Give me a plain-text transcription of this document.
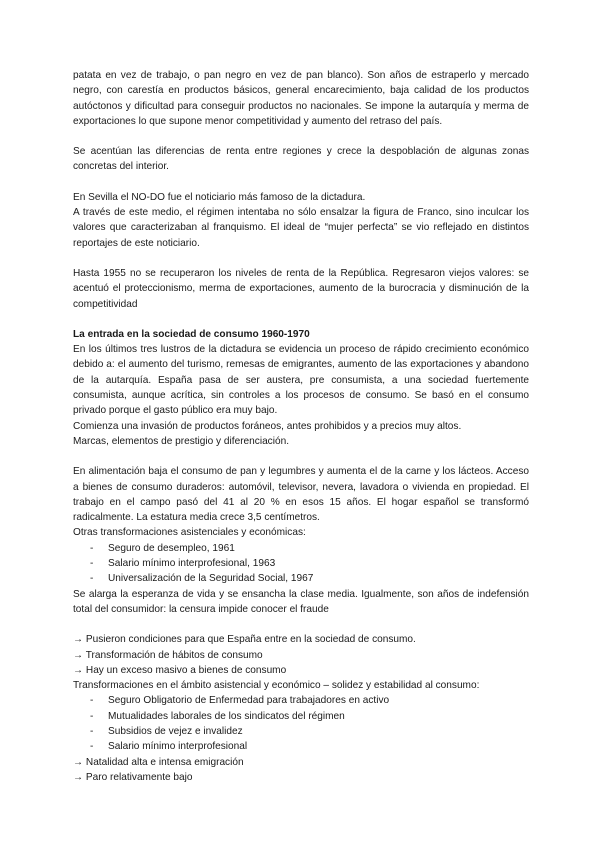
patata en vez de trabajo, o pan negro en vez de pan blanco). Son años de estraperlo y mercado negro, con carestía en productos básicos, general encarecimiento, baja calidad de los productos autóctonos y dificultad para conseguir productos no nacionales. Se impone la autarquía y merma de exportaciones lo que supone menor competitividad y aumento del retraso del país.

Se acentúan las diferencias de renta entre regiones y crece la despoblación de algunas zonas concretas del interior.

En Sevilla el NO-DO fue el noticiario más famoso de la dictadura.

A través de este medio, el régimen intentaba no sólo ensalzar la figura de Franco, sino inculcar los valores que caracterizaban al franquismo. El ideal de “mujer perfecta” se vio reflejado en distintos reportajes de este noticiario.

Hasta 1955 no se recuperaron los niveles de renta de la República. Regresaron viejos valores: se acentuó el proteccionismo, merma de exportaciones, aumento de la burocracia y disminución de la competitividad

La entrada en la sociedad de consumo 1960-1970

En los últimos tres lustros de la dictadura se evidencia un proceso de rápido crecimiento económico debido a: el aumento del turismo, remesas de emigrantes, aumento de las exportaciones y abandono de la autarquía. España pasa de ser austera, pre consumista, a una sociedad fuertemente consumista, aunque acrítica, sin controles a los procesos de consumo. Se basó en el consumo privado porque el gasto público era muy bajo.

Comienza una invasión de productos foráneos, antes prohibidos y a precios muy altos.

Marcas, elementos de prestigio y diferenciación.

En alimentación baja el consumo de pan y legumbres y aumenta el de la carne y los lácteos. Acceso a bienes de consumo duraderos: automóvil, televisor, nevera, lavadora o vivienda en propiedad. El trabajo en el campo pasó del 41 al 20 % en esos 15 años. El hogar español se transformó radicalmente. La estatura media crece 3,5 centímetros.

Otras transformaciones asistenciales y económicas:

- Seguro de desempleo, 1961
- Salario mínimo interprofesional, 1963
- Universalización de la Seguridad Social, 1967

Se alarga la esperanza de vida y se ensancha la clase media. Igualmente, son años de indefensión total del consumidor: la censura impide conocer el fraude

→ Pusieron condiciones para que España entre en la sociedad de consumo.

→ Transformación de hábitos de consumo

→ Hay un exceso masivo a bienes de consumo

Transformaciones en el ámbito asistencial y económico – solidez y estabilidad al consumo:

- Seguro Obligatorio de Enfermedad para trabajadores en activo
- Mutualidades laborales de los sindicatos del régimen
- Subsidios de vejez e invalidez
- Salario mínimo interprofesional

→ Natalidad alta e intensa emigración

→ Paro relativamente bajo
